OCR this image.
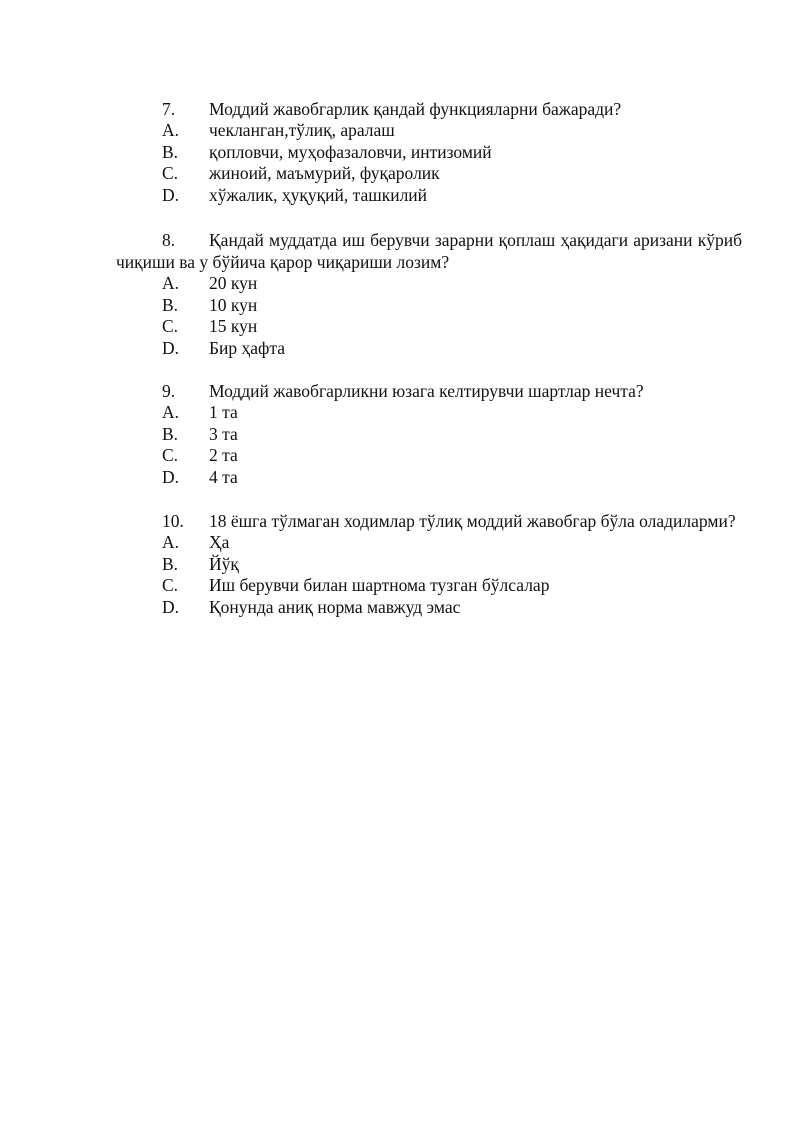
7. Моддий жавобгарлик қандай функцияларни бажаради?
A.	чекланган,тўлиқ, аралаш
B.	қопловчи, муҳофазаловчи, интизомий
C.	жиноий, маъмурий, фуқаролик
D.	хўжалик, ҳуқуқий, ташкилий
8. Қандай муддатда иш берувчи зарарни қоплаш ҳақидаги аризани кўриб чиқиши ва у бўйича қарор чиқариши лозим?
A.	20 кун
B.	10 кун
C.	15 кун
D.	Бир ҳафта
9. Моддий жавобгарликни юзага келтирувчи шартлар нечта?
A.	1 та
B.	3 та
C.	2 та
D.	4 та
10. 18 ёшга тўлмаган ходимлар тўлиқ моддий жавобгар бўла оладиларми?
A.	Ҳа
B.	Йўқ
C.	Иш берувчи билан шартнома тузган бўлсалар
D.	Қонунда аниқ норма мавжуд эмас
